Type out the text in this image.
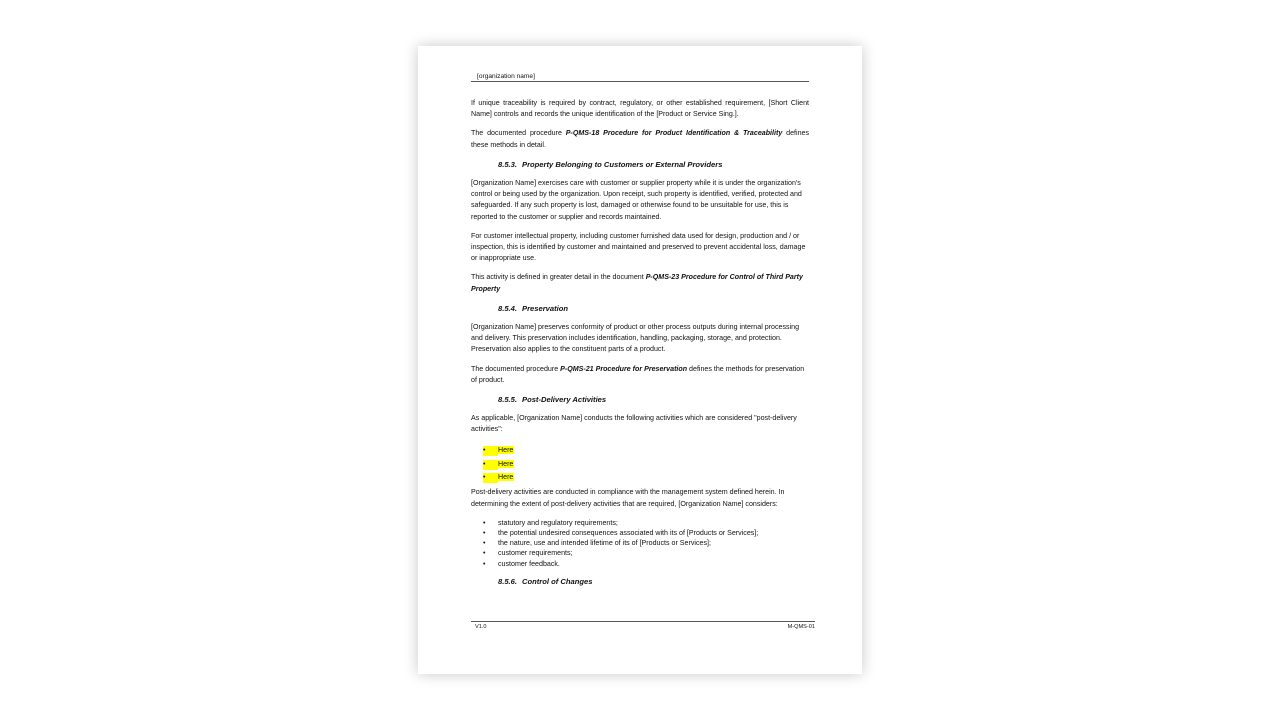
[organization name]

If unique traceability is required by contract, regulatory, or other established requirement, [Short Client Name] controls and records the unique identification of the [Product or Service Sing.].

The documented procedure P-QMS-18 Procedure for Product Identification & Traceability defines these methods in detail.

8.5.3. Property Belonging to Customers or External Providers

[Organization Name] exercises care with customer or supplier property while it is under the organization's control or being used by the organization. Upon receipt, such property is identified, verified, protected and safeguarded. If any such property is lost, damaged or otherwise found to be unsuitable for use, this is reported to the customer or supplier and records maintained.

For customer intellectual property, including customer furnished data used for design, production and / or inspection, this is identified by customer and maintained and preserved to prevent accidental loss, damage or inappropriate use.

This activity is defined in greater detail in the document P-QMS-23 Procedure for Control of Third Party Property

8.5.4. Preservation

[Organization Name] preserves conformity of product or other process outputs during internal processing and delivery. This preservation includes identification, handling, packaging, storage, and protection. Preservation also applies to the constituent parts of a product.

The documented procedure P-QMS-21 Procedure for Preservation defines the methods for preservation of product.

8.5.5. Post-Delivery Activities

As applicable, [Organization Name] conducts the following activities which are considered "post-delivery activities":

• Here
• Here
• Here

Post-delivery activities are conducted in compliance with the management system defined herein. In determining the extent of post-delivery activities that are required, [Organization Name] considers:

• statutory and regulatory requirements;
• the potential undesired consequences associated with its of [Products or Services];
• the nature, use and intended lifetime of its of [Products or Services];
• customer requirements;
• customer feedback.
8.5.6. Control of Changes
V1.0	M-QMS-01
